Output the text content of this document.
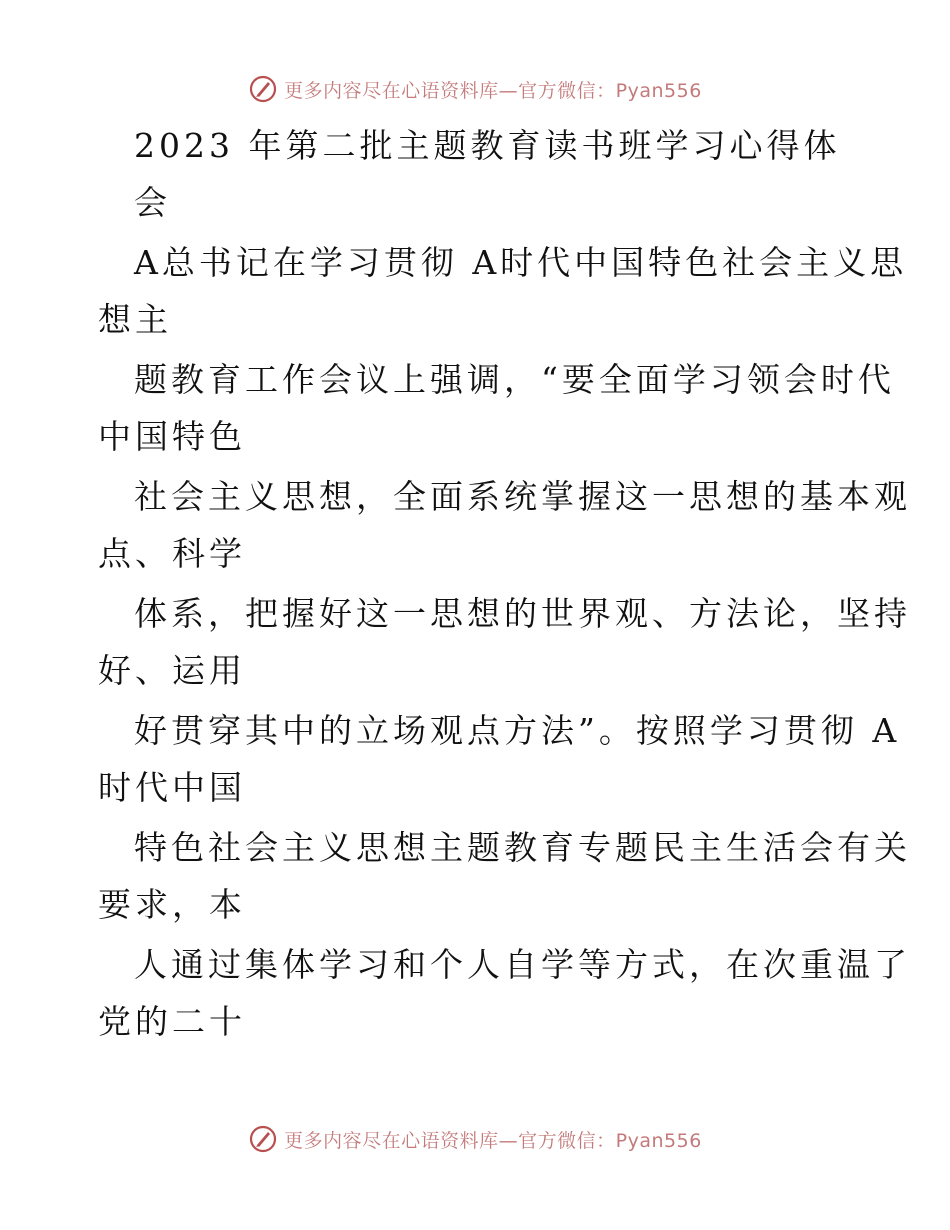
更多内容尽在心语资料库—官方微信：Pyan556
2023 年第二批主题教育读书班学习心得体
会
A总书记在学习贯彻 A时代中国特色社会主义思
想主
题教育工作会议上强调，“要全面学习领会时代
中国特色
社会主义思想，全面系统掌握这一思想的基本观
点、科学
体系，把握好这一思想的世界观、方法论，坚持
好、运用
好贯穿其中的立场观点方法”。按照学习贯彻 A
时代中国
特色社会主义思想主题教育专题民主生活会有关
要求，本
人通过集体学习和个人自学等方式，在次重温了
党的二十
更多内容尽在心语资料库—官方微信：Pyan556
